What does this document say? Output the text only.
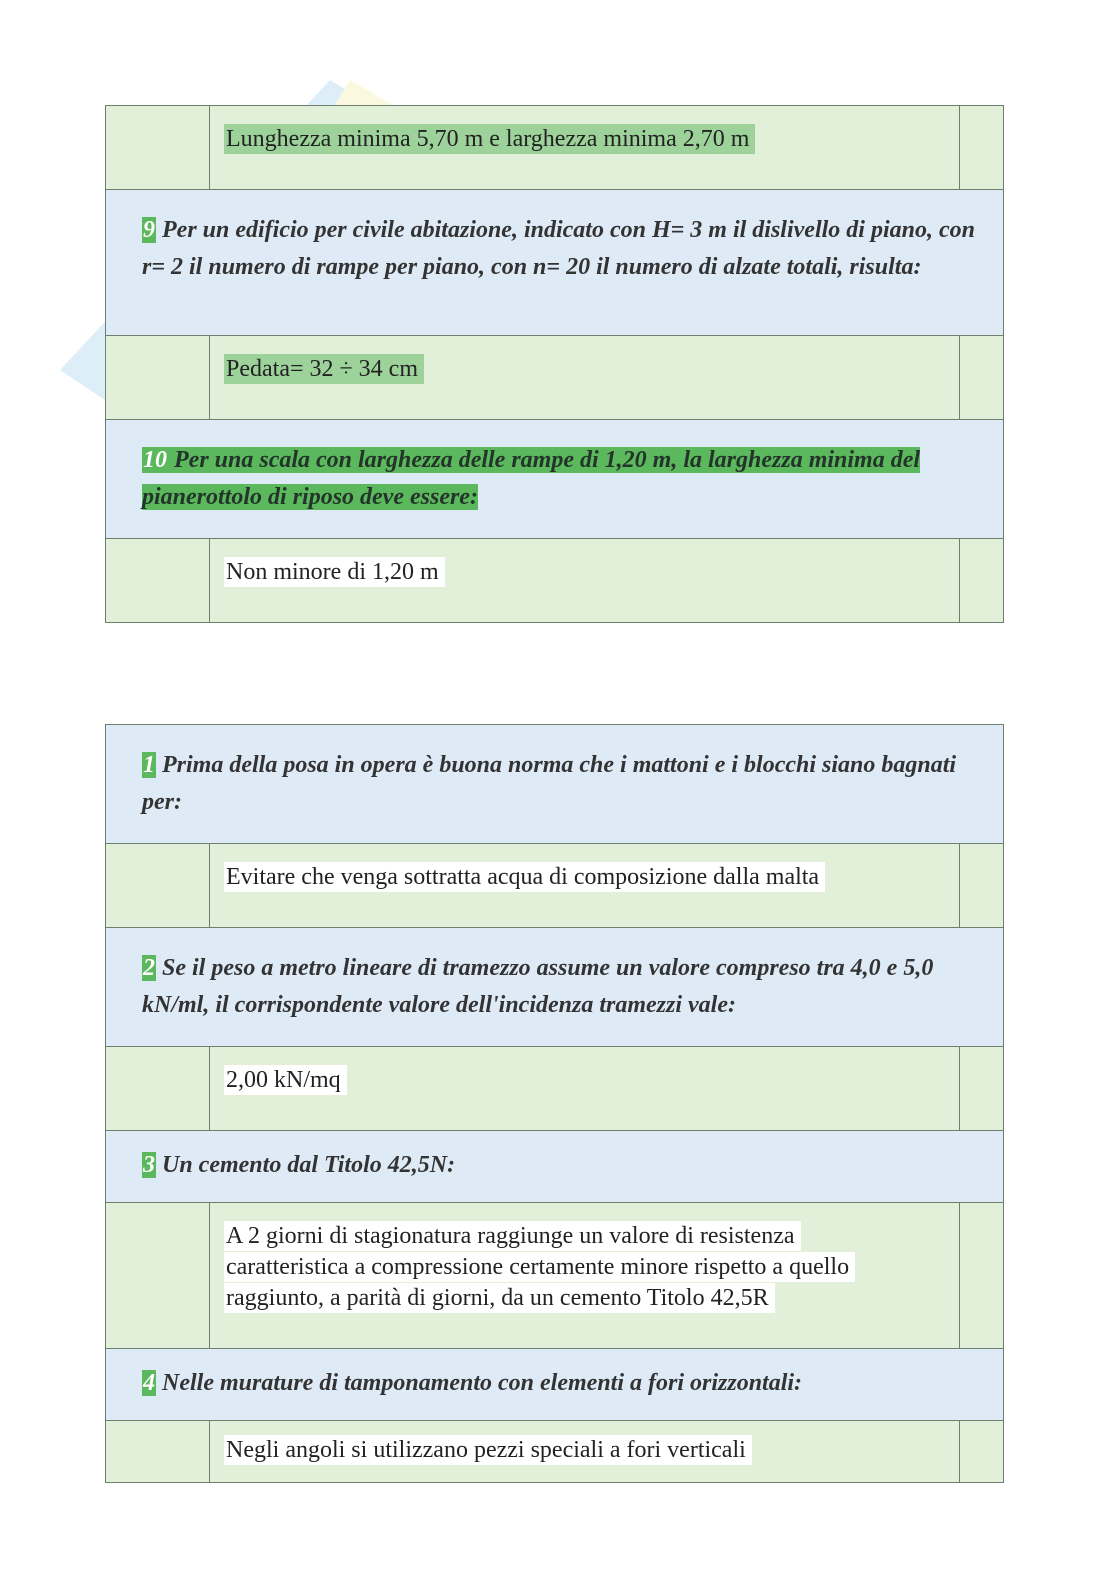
	Lunghezza minima 5,70 m e larghezza minima 2,70 m	

9 Per un edificio per civile abitazione, indicato con H= 3 m il dislivello di piano, con r= 2 il numero di rampe per piano, con n= 20 il numero di alzate totali, risulta:		

	Pedata= 32 ÷ 34 cm	

10 Per una scala con larghezza delle rampe di 1,20 m, la larghezza minima del pianerottolo di riposo deve essere:		

	Non minore di 1,20 m	

1 Prima della posa in opera è buona norma che i mattoni e i blocchi siano bagnati per:		

	Evitare che venga sottratta acqua di composizione dalla malta	

2 Se il peso a metro lineare di tramezzo assume un valore compreso tra 4,0 e 5,0 kN/ml, il corrispondente valore dell'incidenza tramezzi vale:		

	2,00 kN/mq	

3 Un cemento dal Titolo 42,5N:		

	A 2 giorni di stagionatura raggiunge un valore di resistenza
caratteristica a compressione certamente minore rispetto a quello
raggiunto, a parità di giorni, da un cemento Titolo 42,5R	

4 Nelle murature di tamponamento con elementi a fori orizzontali:		

	Negli angoli si utilizzano pezzi speciali a fori verticali	
